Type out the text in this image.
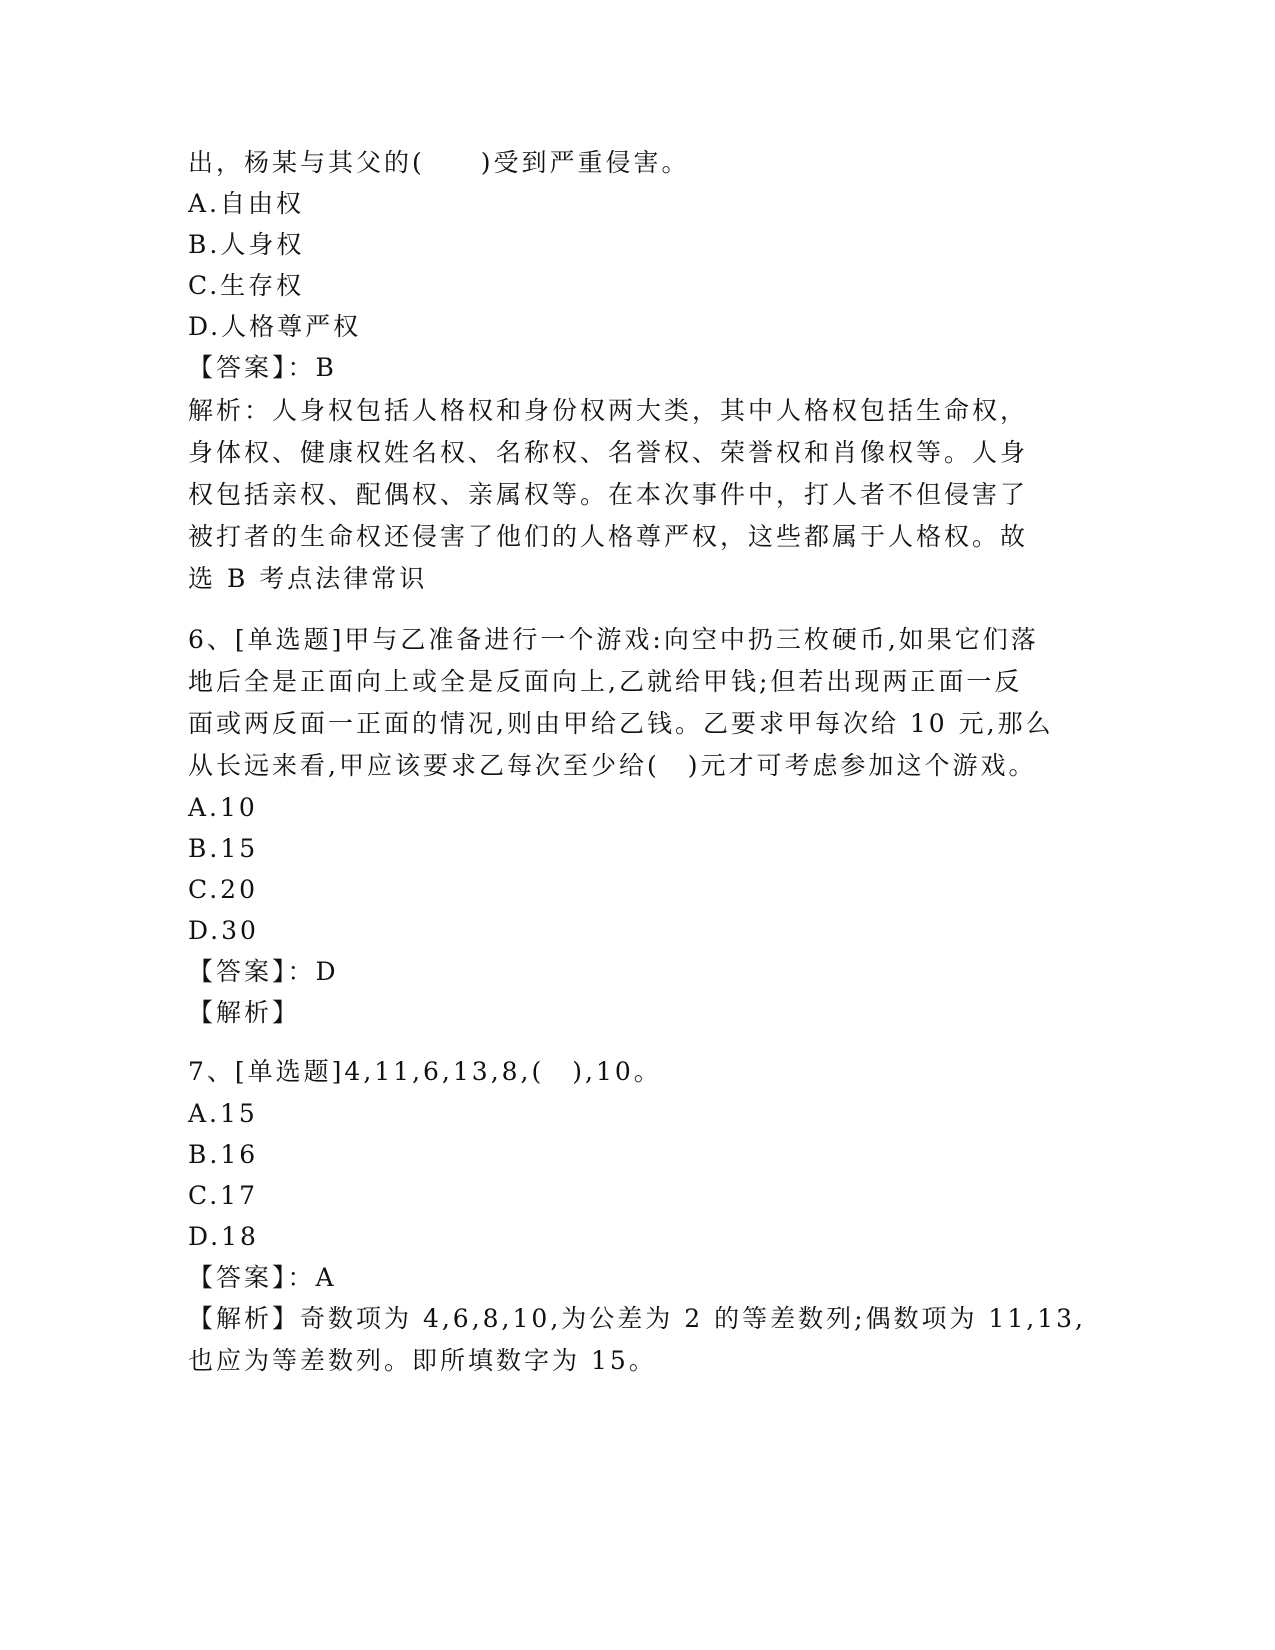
出，杨某与其父的(　　)受到严重侵害。
A.自由权
B.人身权
C.生存权
D.人格尊严权
【答案】：B
解析：人身权包括人格权和身份权两大类，其中人格权包括生命权，
身体权、健康权姓名权、名称权、名誉权、荣誉权和肖像权等。人身
权包括亲权、配偶权、亲属权等。在本次事件中，打人者不但侵害了
被打者的生命权还侵害了他们的人格尊严权，这些都属于人格权。故
选 B 考点法律常识
6、[单选题]甲与乙准备进行一个游戏:向空中扔三枚硬币,如果它们落
地后全是正面向上或全是反面向上,乙就给甲钱;但若出现两正面一反
面或两反面一正面的情况,则由甲给乙钱。乙要求甲每次给 10 元,那么
从长远来看,甲应该要求乙每次至少给(　)元才可考虑参加这个游戏。
A.10
B.15
C.20
D.30
【答案】：D
【解析】
7、[单选题]4,11,6,13,8,(　),10。
A.15
B.16
C.17
D.18
【答案】：A
【解析】奇数项为 4,6,8,10,为公差为 2 的等差数列;偶数项为 11,13,
也应为等差数列。即所填数字为 15。
